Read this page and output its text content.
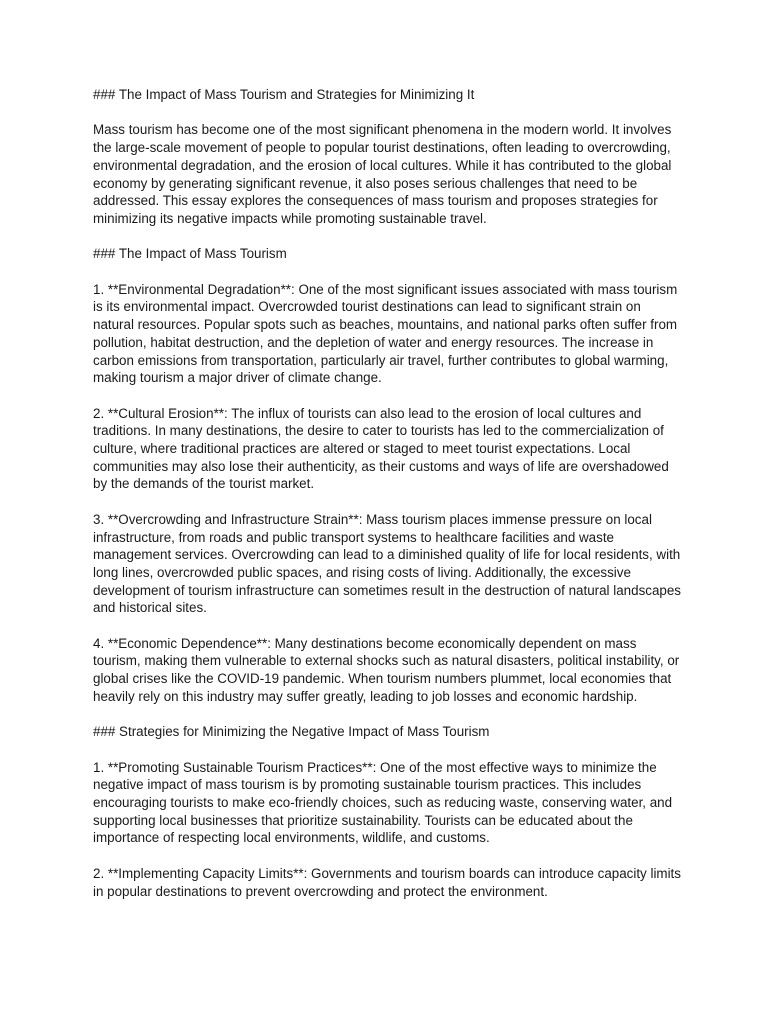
### The Impact of Mass Tourism and Strategies for Minimizing It

Mass tourism has become one of the most significant phenomena in the modern world. It involves the large-scale movement of people to popular tourist destinations, often leading to overcrowding, environmental degradation, and the erosion of local cultures. While it has contributed to the global economy by generating significant revenue, it also poses serious challenges that need to be addressed. This essay explores the consequences of mass tourism and proposes strategies for minimizing its negative impacts while promoting sustainable travel.

### The Impact of Mass Tourism

1. **Environmental Degradation**: One of the most significant issues associated with mass tourism is its environmental impact. Overcrowded tourist destinations can lead to significant strain on natural resources. Popular spots such as beaches, mountains, and national parks often suffer from pollution, habitat destruction, and the depletion of water and energy resources. The increase in carbon emissions from transportation, particularly air travel, further contributes to global warming, making tourism a major driver of climate change.

2. **Cultural Erosion**: The influx of tourists can also lead to the erosion of local cultures and traditions. In many destinations, the desire to cater to tourists has led to the commercialization of culture, where traditional practices are altered or staged to meet tourist expectations. Local communities may also lose their authenticity, as their customs and ways of life are overshadowed by the demands of the tourist market.

3. **Overcrowding and Infrastructure Strain**: Mass tourism places immense pressure on local infrastructure, from roads and public transport systems to healthcare facilities and waste management services. Overcrowding can lead to a diminished quality of life for local residents, with long lines, overcrowded public spaces, and rising costs of living. Additionally, the excessive development of tourism infrastructure can sometimes result in the destruction of natural landscapes and historical sites.

4. **Economic Dependence**: Many destinations become economically dependent on mass tourism, making them vulnerable to external shocks such as natural disasters, political instability, or global crises like the COVID-19 pandemic. When tourism numbers plummet, local economies that heavily rely on this industry may suffer greatly, leading to job losses and economic hardship.

### Strategies for Minimizing the Negative Impact of Mass Tourism

1. **Promoting Sustainable Tourism Practices**: One of the most effective ways to minimize the negative impact of mass tourism is by promoting sustainable tourism practices. This includes encouraging tourists to make eco-friendly choices, such as reducing waste, conserving water, and supporting local businesses that prioritize sustainability. Tourists can be educated about the importance of respecting local environments, wildlife, and customs.

2. **Implementing Capacity Limits**: Governments and tourism boards can introduce capacity limits in popular destinations to prevent overcrowding and protect the environment.
